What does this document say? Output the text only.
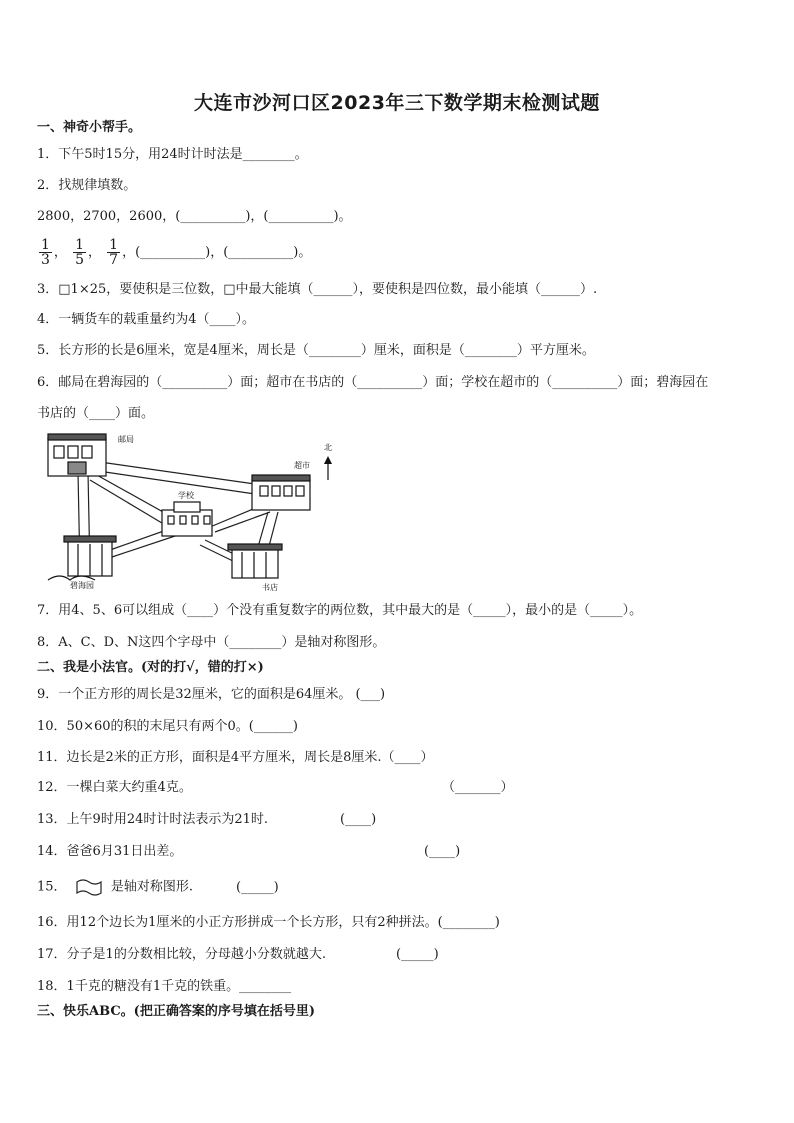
大连市沙河口区2023年三下数学期末检测试题
一、神奇小帮手。
1．下午5时15分，用24时计时法是________。
2．找规律填数。
2800，2700，2600，(__________)，(__________)。
$\frac{1}{3}$ ， $\frac{1}{5}$ ， $\frac{1}{7}$ ，(__________)，(__________)。
3．□1×25，要使积是三位数，□中最大能填（______），要使积是四位数，最小能填（______）.
4．一辆货车的载重量约为4（____）。
5．长方形的长是6厘米，宽是4厘米，周长是（________）厘米，面积是（________）平方厘米。
6．邮局在碧海园的（__________）面；超市在书店的（__________）面；学校在超市的（__________）面；碧海园在
书店的（____）面。
邮局
超市
学校
碧海园	书店
北
7．用4、5、6可以组成（____）个没有重复数字的两位数，其中最大的是（_____），最小的是（_____）。
8．A、C、D、N这四个字母中（________）是轴对称图形。
二、我是小法官。(对的打√，错的打×)
9．一个正方形的周长是32厘米，它的面积是64厘米。 (___)
10．50×60的积的末尾只有两个0。(______)
11．边长是2米的正方形，面积是4平方厘米，周长是8厘米.（____）
12．一棵白菜大约重4克。	（_______）
13．上午9时用24时计时法表示为21时.	(____)
14．爸爸6月31日出差。	(____)
15．	是轴对称图形.	(_____)
16．用12个边长为1厘米的小正方形拼成一个长方形，只有2种拼法。(________)
17．分子是1的分数相比较，分母越小分数就越大.	(_____)
18．1千克的糖没有1千克的铁重。________
三、快乐ABC。(把正确答案的序号填在括号里)
